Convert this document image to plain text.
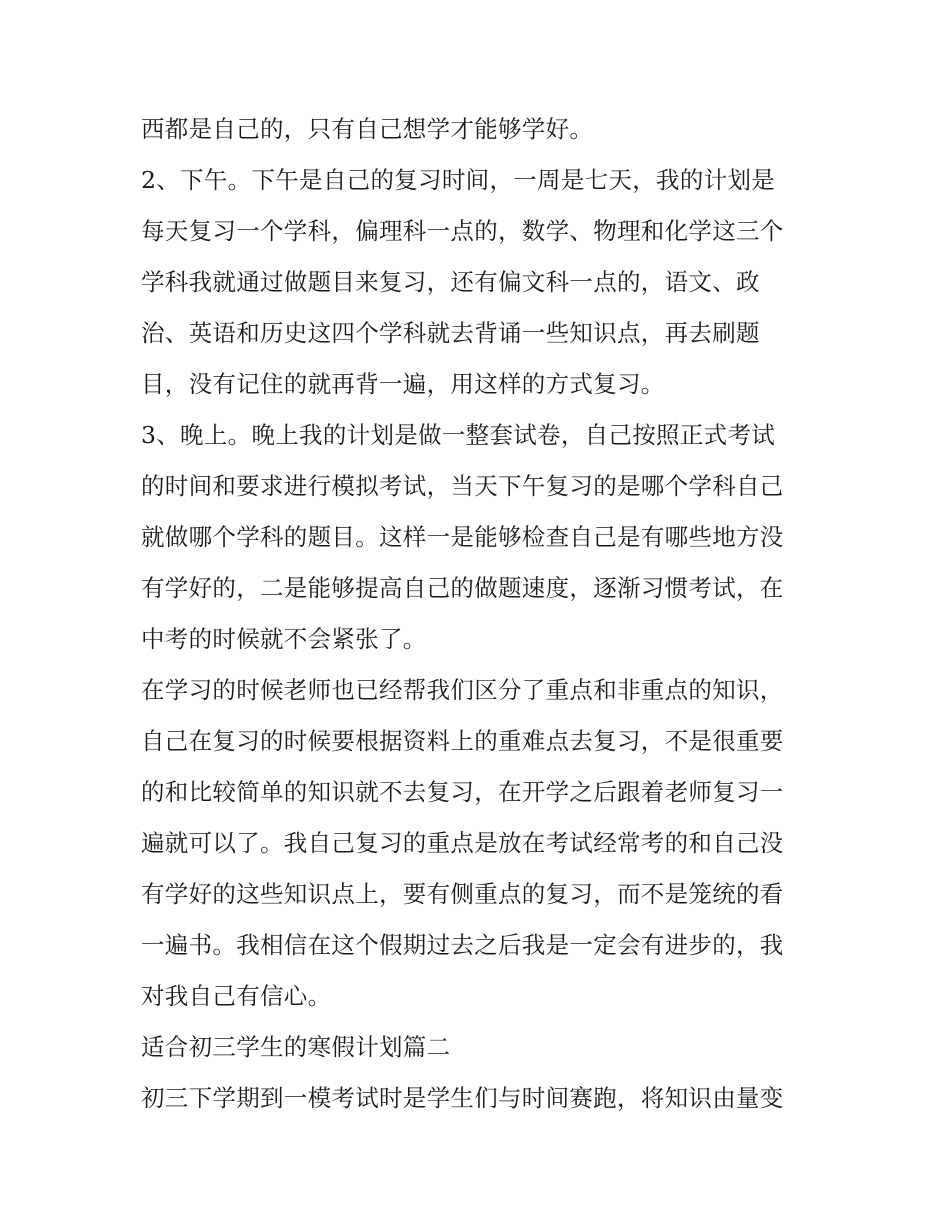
西都是自己的，只有自己想学才能够学好。
2、下午。下午是自己的复习时间，一周是七天，我的计划是
每天复习一个学科，偏理科一点的，数学、物理和化学这三个
学科我就通过做题目来复习，还有偏文科一点的，语文、政
治、英语和历史这四个学科就去背诵一些知识点，再去刷题
目，没有记住的就再背一遍，用这样的方式复习。
3、晚上。晚上我的计划是做一整套试卷，自己按照正式考试
的时间和要求进行模拟考试，当天下午复习的是哪个学科自己
就做哪个学科的题目。这样一是能够检查自己是有哪些地方没
有学好的，二是能够提高自己的做题速度，逐渐习惯考试，在
中考的时候就不会紧张了。
在学习的时候老师也已经帮我们区分了重点和非重点的知识，
自己在复习的时候要根据资料上的重难点去复习，不是很重要
的和比较简单的知识就不去复习，在开学之后跟着老师复习一
遍就可以了。我自己复习的重点是放在考试经常考的和自己没
有学好的这些知识点上，要有侧重点的复习，而不是笼统的看
一遍书。我相信在这个假期过去之后我是一定会有进步的，我
对我自己有信心。
适合初三学生的寒假计划篇二
初三下学期到一模考试时是学生们与时间赛跑，将知识由量变
